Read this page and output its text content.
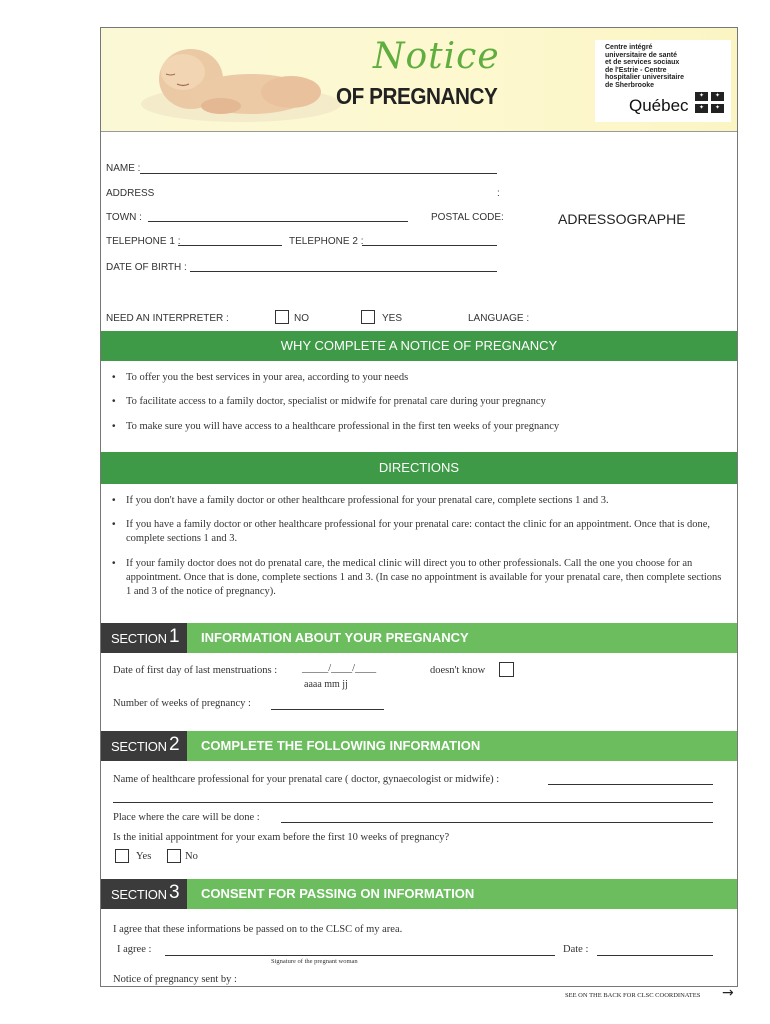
Notice
OF PREGNANCY
Centre intégré
universitaire de santé
et de services sociaux
de l'Estrie - Centre
hospitalier universitaire
de Sherbrooke
Québec ✦ ✦
✦ ✦
NAME :
ADDRESS	:
TOWN :	POSTAL CODE:	ADRESSOGRAPHE
TELEPHONE 1 :	TELEPHONE 2 :
DATE OF BIRTH :
NEED AN INTERPRETER :	NO	YES	LANGUAGE :
WHY COMPLETE A NOTICE OF PREGNANCY
• To offer you the best services in your area, according to your needs
• To facilitate access to a family doctor, specialist or midwife for prenatal care during your pregnancy
• To make sure you will have access to a healthcare professional in the first ten weeks of your pregnancy
DIRECTIONS
• If you don't have a family doctor or other healthcare professional for your prenatal care, complete sections 1 and 3.
• If you have a family doctor or other healthcare professional for your prenatal care: contact the clinic for an appointment. Once that is done, complete sections 1 and 3.
• If your family doctor does not do prenatal care, the medical clinic will direct you to other professionals. Call the one you choose for an appointment. Once that is done, complete sections 1 and 3. (In case no appointment is available for your prenatal care, then complete sections 1 and 3 of the notice of pregnancy).
SECTION 1	INFORMATION ABOUT YOUR PREGNANCY
Date of first day of last menstruations : _____/____/____
aaaa mm jj
doesn't know
Number of weeks of pregnancy :
SECTION 2	COMPLETE THE FOLLOWING INFORMATION
Name of healthcare professional for your prenatal care ( doctor, gynaecologist or midwife) :
Place where the care will be done :
Is the initial appointment for your exam before the first 10 weeks of pregnancy?
Yes	No
SECTION 3	CONSENT FOR PASSING ON INFORMATION
I agree that these informations be passed on to the CLSC of my area.
I agree :
Signature of the pregnant woman
Date :
Notice of pregnancy sent by :
SEE ON THE BACK FOR CLSC COORDINATES →
